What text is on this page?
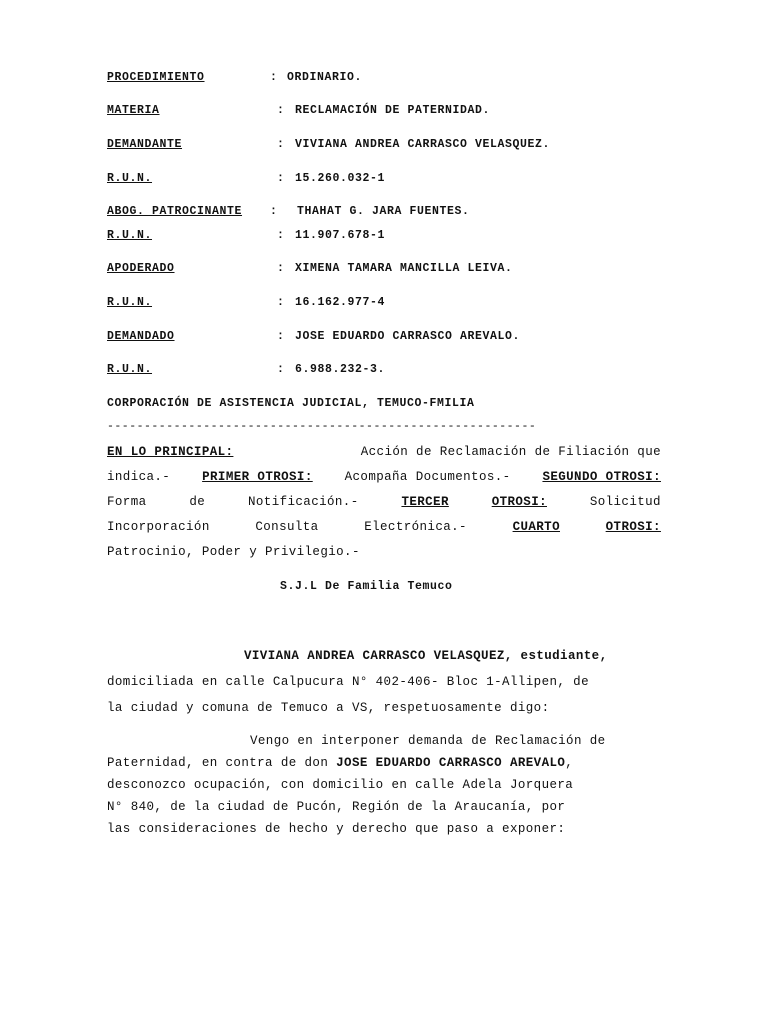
PROCEDIMIENTO	: ORDINARIO.
MATERIA	: RECLAMACIÓN DE PATERNIDAD.
DEMANDANTE	: VIVIANA ANDREA CARRASCO VELASQUEZ.
R.U.N.	: 15.260.032-1
ABOG. PATROCINANTE : THAHAT G. JARA FUENTES.
R.U.N.	: 11.907.678-1
APODERADO	: XIMENA TAMARA MANCILLA LEIVA.
R.U.N.	: 16.162.977-4
DEMANDADO	: JOSE EDUARDO CARRASCO AREVALO.
R.U.N.	: 6.988.232-3.
CORPORACIÓN DE ASISTENCIA JUDICIAL, TEMUCO-FMILIA
----------------------------------------------------------
EN LO PRINCIPAL:	Acción de Reclamación de Filiación que
indica.-	PRIMER OTROSI:	Acompaña Documentos.-	SEGUNDO OTROSI:
Forma	de	Notificación.-	TERCER	OTROSI:	Solicitud
Incorporación	Consulta	Electrónica.-	CUARTO	OTROSI:
Patrocinio, Poder y Privilegio.-
S.J.L De Familia Temuco
VIVIANA ANDREA CARRASCO VELASQUEZ, estudiante,
domiciliada en calle Calpucura N° 402-406- Bloc 1-Allipen, de
la ciudad y comuna de Temuco a VS, respetuosamente digo:
Vengo en interponer demanda de Reclamación de
Paternidad, en contra de don JOSE EDUARDO CARRASCO AREVALO,
desconozco ocupación, con domicilio en calle Adela Jorquera
N° 840, de la ciudad de Pucón, Región de la Araucanía, por
las consideraciones de hecho y derecho que paso a exponer:
